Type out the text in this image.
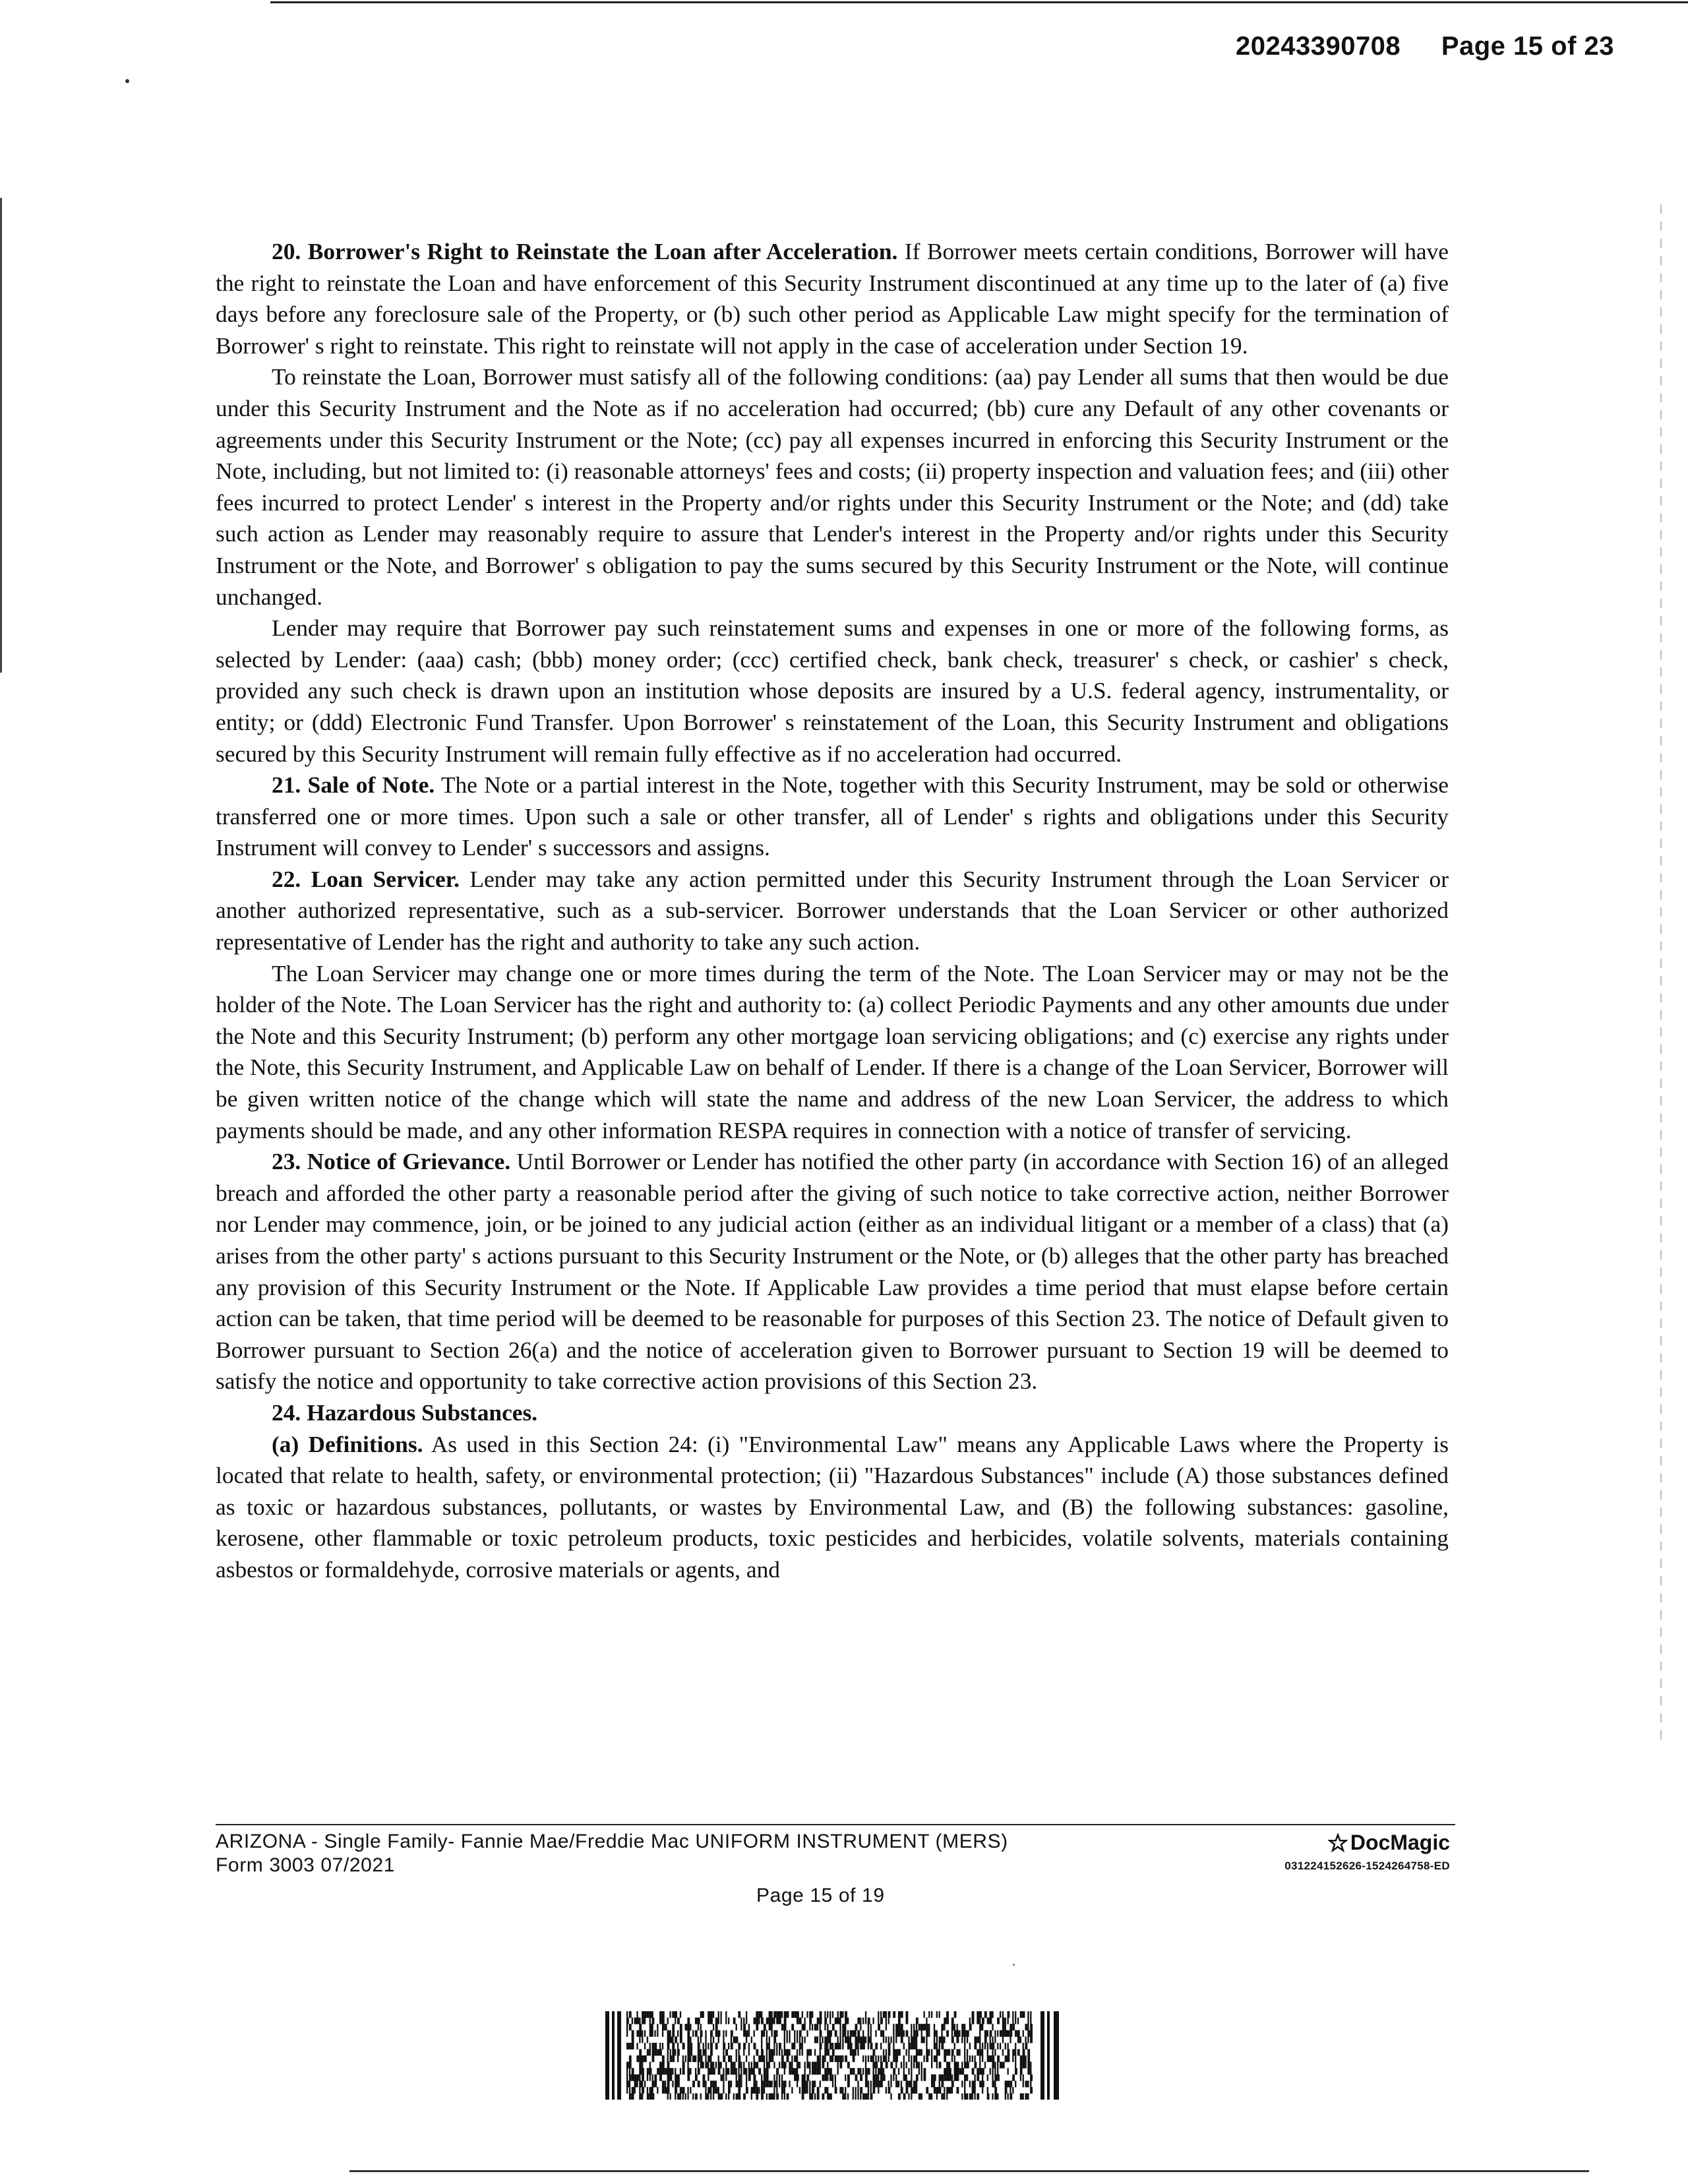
20243390708 Page 15 of 23

20. Borrower's Right to Reinstate the Loan after Acceleration. If Borrower meets certain conditions, Borrower will have the right to reinstate the Loan and have enforcement of this Security Instrument discontinued at any time up to the later of (a) five days before any foreclosure sale of the Property, or (b) such other period as Applicable Law might specify for the termination of Borrower' s right to reinstate. This right to reinstate will not apply in the case of acceleration under Section 19.

To reinstate the Loan, Borrower must satisfy all of the following conditions: (aa) pay Lender all sums that then would be due under this Security Instrument and the Note as if no acceleration had occurred; (bb) cure any Default of any other covenants or agreements under this Security Instrument or the Note; (cc) pay all expenses incurred in enforcing this Security Instrument or the Note, including, but not limited to: (i) reasonable attorneys' fees and costs; (ii) property inspection and valuation fees; and (iii) other fees incurred to protect Lender' s interest in the Property and/or rights under this Security Instrument or the Note; and (dd) take such action as Lender may reasonably require to assure that Lender's interest in the Property and/or rights under this Security Instrument or the Note, and Borrower' s obligation to pay the sums secured by this Security Instrument or the Note, will continue unchanged.

Lender may require that Borrower pay such reinstatement sums and expenses in one or more of the following forms, as selected by Lender: (aaa) cash; (bbb) money order; (ccc) certified check, bank check, treasurer' s check, or cashier' s check, provided any such check is drawn upon an institution whose deposits are insured by a U.S. federal agency, instrumentality, or entity; or (ddd) Electronic Fund Transfer. Upon Borrower' s reinstatement of the Loan, this Security Instrument and obligations secured by this Security Instrument will remain fully effective as if no acceleration had occurred.

21. Sale of Note. The Note or a partial interest in the Note, together with this Security Instrument, may be sold or otherwise transferred one or more times. Upon such a sale or other transfer, all of Lender' s rights and obligations under this Security Instrument will convey to Lender' s successors and assigns.

22. Loan Servicer. Lender may take any action permitted under this Security Instrument through the Loan Servicer or another authorized representative, such as a sub-servicer. Borrower understands that the Loan Servicer or other authorized representative of Lender has the right and authority to take any such action.

The Loan Servicer may change one or more times during the term of the Note. The Loan Servicer may or may not be the holder of the Note. The Loan Servicer has the right and authority to: (a) collect Periodic Payments and any other amounts due under the Note and this Security Instrument; (b) perform any other mortgage loan servicing obligations; and (c) exercise any rights under the Note, this Security Instrument, and Applicable Law on behalf of Lender. If there is a change of the Loan Servicer, Borrower will be given written notice of the change which will state the name and address of the new Loan Servicer, the address to which payments should be made, and any other information RESPA requires in connection with a notice of transfer of servicing.

23. Notice of Grievance. Until Borrower or Lender has notified the other party (in accordance with Section 16) of an alleged breach and afforded the other party a reasonable period after the giving of such notice to take corrective action, neither Borrower nor Lender may commence, join, or be joined to any judicial action (either as an individual litigant or a member of a class) that (a) arises from the other party' s actions pursuant to this Security Instrument or the Note, or (b) alleges that the other party has breached any provision of this Security Instrument or the Note. If Applicable Law provides a time period that must elapse before certain action can be taken, that time period will be deemed to be reasonable for purposes of this Section 23. The notice of Default given to Borrower pursuant to Section 26(a) and the notice of acceleration given to Borrower pursuant to Section 19 will be deemed to satisfy the notice and opportunity to take corrective action provisions of this Section 23.

24. Hazardous Substances.

(a) Definitions. As used in this Section 24: (i) "Environmental Law" means any Applicable Laws where the Property is located that relate to health, safety, or environmental protection; (ii) "Hazardous Substances" include (A) those substances defined as toxic or hazardous substances, pollutants, or wastes by Environmental Law, and (B) the following substances: gasoline, kerosene, other flammable or toxic petroleum products, toxic pesticides and herbicides, volatile solvents, materials containing asbestos or formaldehyde, corrosive materials or agents, and

ARIZONA - Single Family- Fannie Mae/Freddie Mac UNIFORM INSTRUMENT (MERS)
Form 3003 07/2021
Page 15 of 19
DocMagic
031224152626-1524264758-ED
